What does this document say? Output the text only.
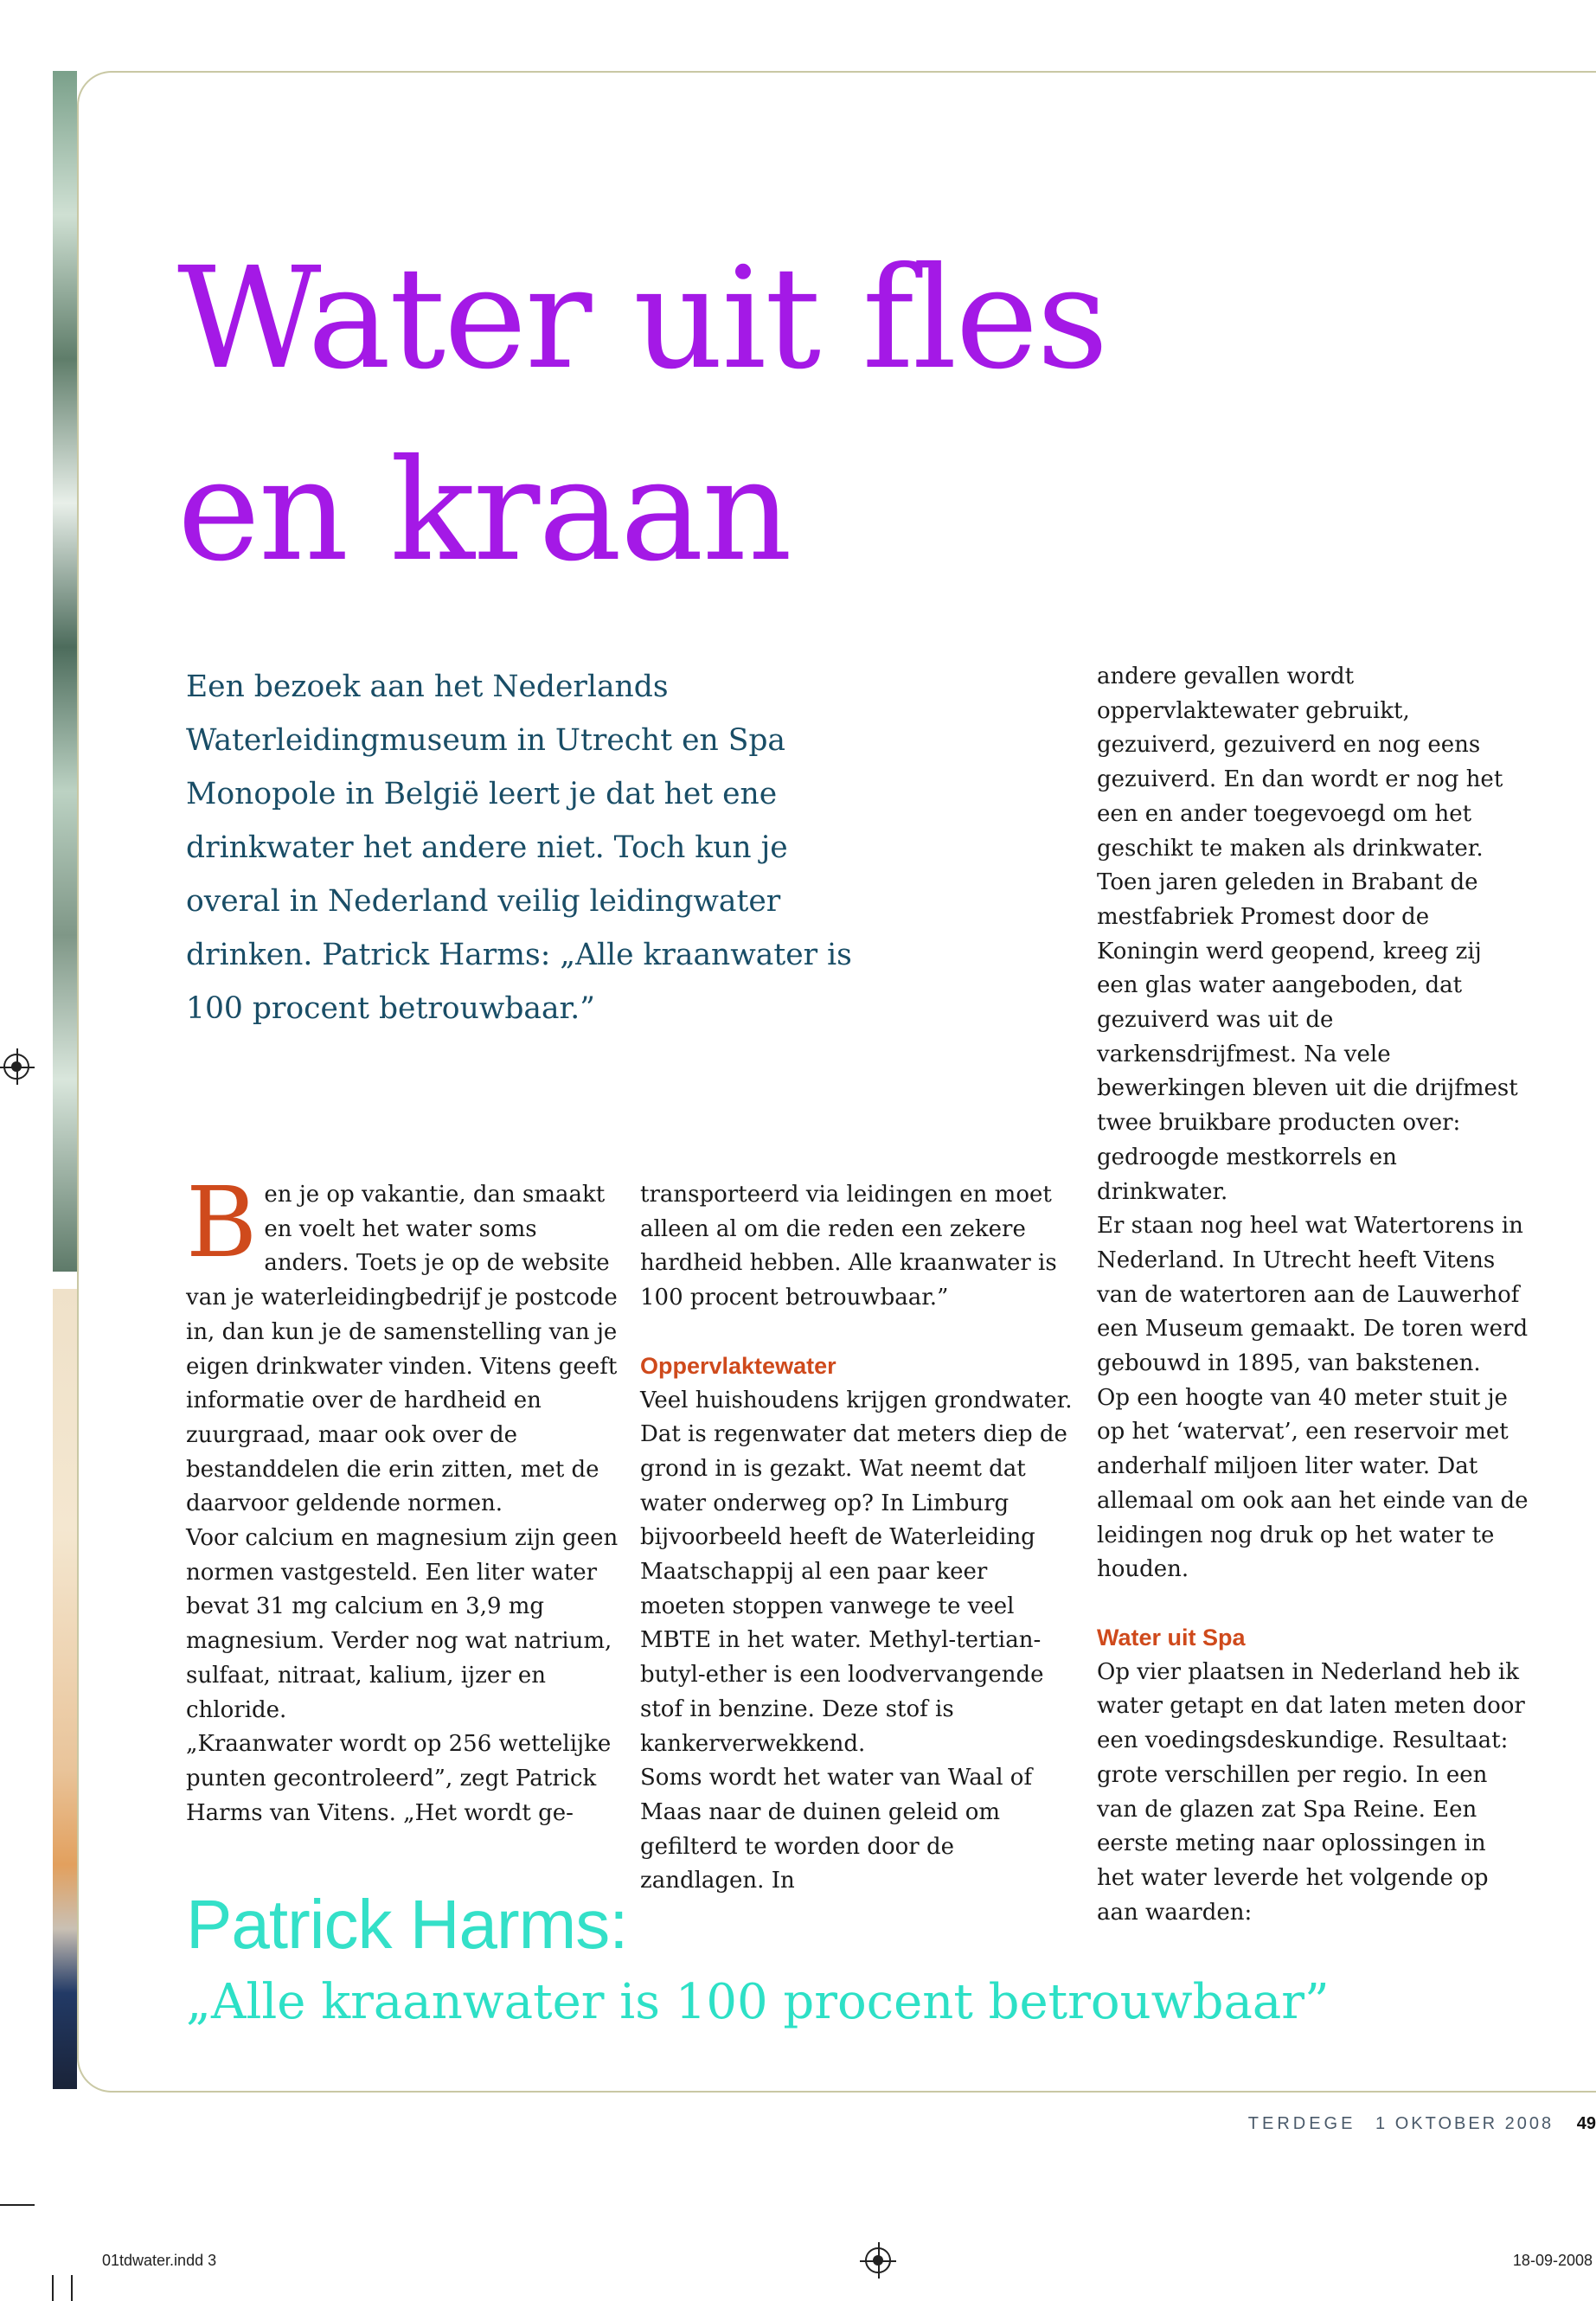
Water uit fles
en kraan
Een bezoek aan het Nederlands Waterleidingmuseum in Utrecht en Spa Monopole in België leert je dat het ene drinkwater het andere niet. Toch kun je overal in Nederland veilig leidingwater drinken. Patrick Harms: „Alle kraanwater is 100 procent betrouwbaar.”

Ben je op vakantie, dan smaakt en voelt het water soms anders. Toets je op de website van je waterleidingbedrijf je postcode in, dan kun je de samenstelling van je eigen drinkwater vinden. Vitens geeft informatie over de hardheid en zuurgraad, maar ook over de bestanddelen die erin zitten, met de daarvoor geldende normen.

Voor calcium en magnesium zijn geen normen vastgesteld. Een liter water bevat 31 mg calcium en 3,9 mg magnesium. Verder nog wat natrium, sulfaat, nitraat, kalium, ijzer en chloride.

„Kraanwater wordt op 256 wettelijke punten gecontroleerd”, zegt Patrick Harms van Vitens. „Het wordt ge-

transporteerd via leidingen en moet alleen al om die reden een zekere hardheid hebben. Alle kraanwater is 100 procent betrouwbaar.”

Oppervlaktewater

Veel huishoudens krijgen grondwater. Dat is regenwater dat meters diep de grond in is gezakt. Wat neemt dat water onderweg op? In Limburg bijvoorbeeld heeft de Waterleiding Maatschappij al een paar keer moeten stoppen vanwege te veel MBTE in het water. Methyl-tertian-butyl-ether is een loodvervangende stof in benzine. Deze stof is kankerverwekkend.

Soms wordt het water van Waal of Maas naar de duinen geleid om gefilterd te worden door de zandlagen. In

andere gevallen wordt oppervlaktewater gebruikt, gezuiverd, gezuiverd en nog eens gezuiverd. En dan wordt er nog het een en ander toegevoegd om het geschikt te maken als drinkwater.

Toen jaren geleden in Brabant de mestfabriek Promest door de Koningin werd geopend, kreeg zij een glas water aangeboden, dat gezuiverd was uit de varkensdrijfmest. Na vele bewerkingen bleven uit die drijfmest twee bruikbare producten over: gedroogde mestkorrels en drinkwater.

Er staan nog heel wat Watertorens in Nederland. In Utrecht heeft Vitens van de watertoren aan de Lauwerhof een Museum gemaakt. De toren werd gebouwd in 1895, van bakstenen.

Op een hoogte van 40 meter stuit je op het ‘watervat’, een reservoir met anderhalf miljoen liter water. Dat allemaal om ook aan het einde van de leidingen nog druk op het water te houden.

Water uit Spa

Op vier plaatsen in Nederland heb ik water getapt en dat laten meten door een voedingsdeskundige. Resultaat: grote verschillen per regio. In een van de glazen zat Spa Reine. Een eerste meting naar oplossingen in het water leverde het volgende op aan waarden:

Patrick Harms:
„Alle kraanwater is 100 procent betrouwbaar”
TERDEGE 1 OKTOBER 2008 49
01tdwater.indd 3	18-09-2008
